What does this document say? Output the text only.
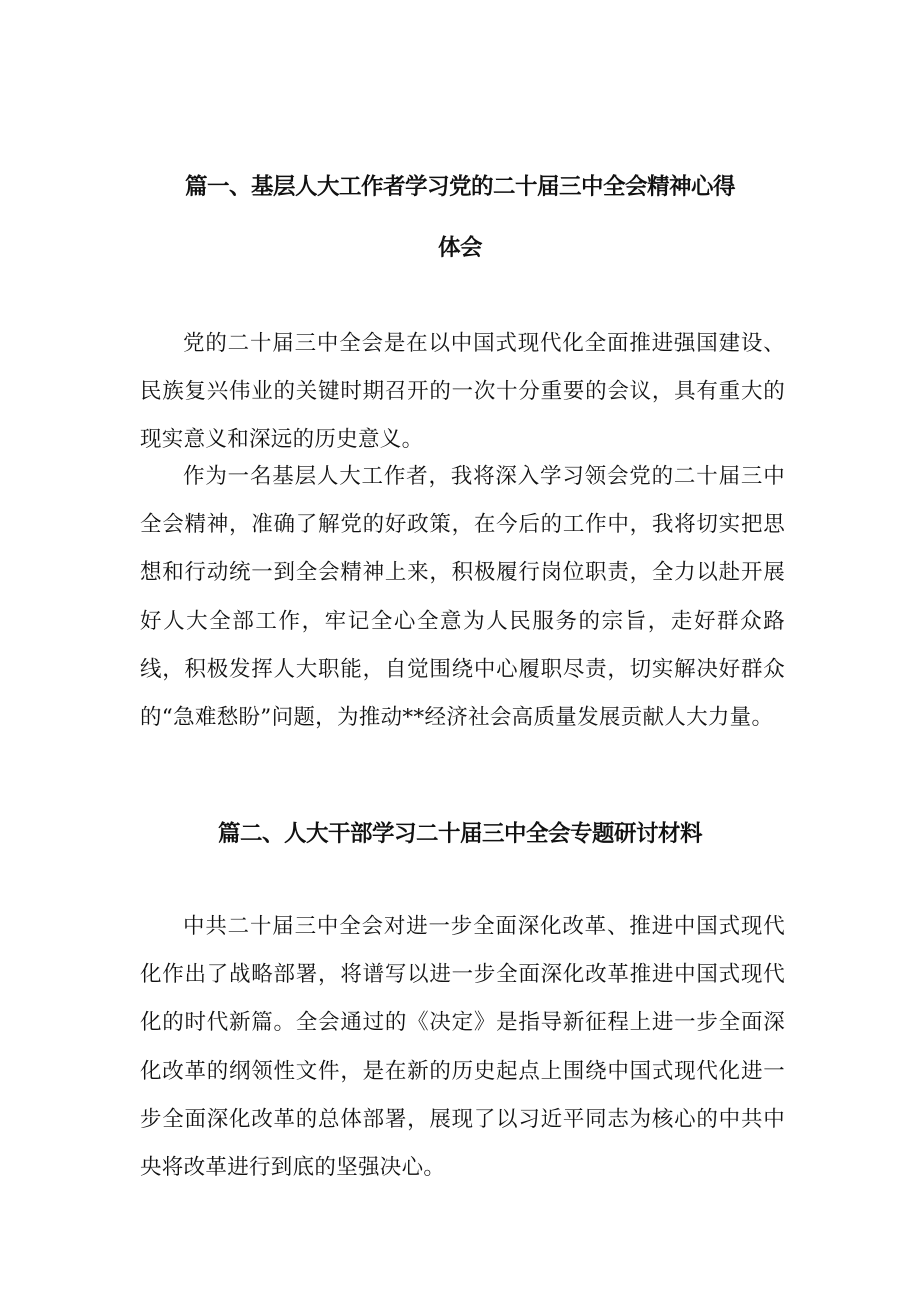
篇一、基层人大工作者学习党的二十届三中全会精神心得
体会

党的二十届三中全会是在以中国式现代化全面推进强国建设、民族复兴伟业的关键时期召开的一次十分重要的会议，具有重大的现实意义和深远的历史意义。

作为一名基层人大工作者，我将深入学习领会党的二十届三中全会精神，准确了解党的好政策，在今后的工作中，我将切实把思想和行动统一到全会精神上来，积极履行岗位职责，全力以赴开展好人大全部工作，牢记全心全意为人民服务的宗旨，走好群众路线，积极发挥人大职能，自觉围绕中心履职尽责，切实解决好群众的“急难愁盼”问题，为推动**经济社会高质量发展贡献人大力量。

篇二、人大干部学习二十届三中全会专题研讨材料

中共二十届三中全会对进一步全面深化改革、推进中国式现代化作出了战略部署，将谱写以进一步全面深化改革推进中国式现代化的时代新篇。全会通过的《决定》是指导新征程上进一步全面深化改革的纲领性文件，是在新的历史起点上围绕中国式现代化进一步全面深化改革的总体部署，展现了以习近平同志为核心的中共中央将改革进行到底的坚强决心。
